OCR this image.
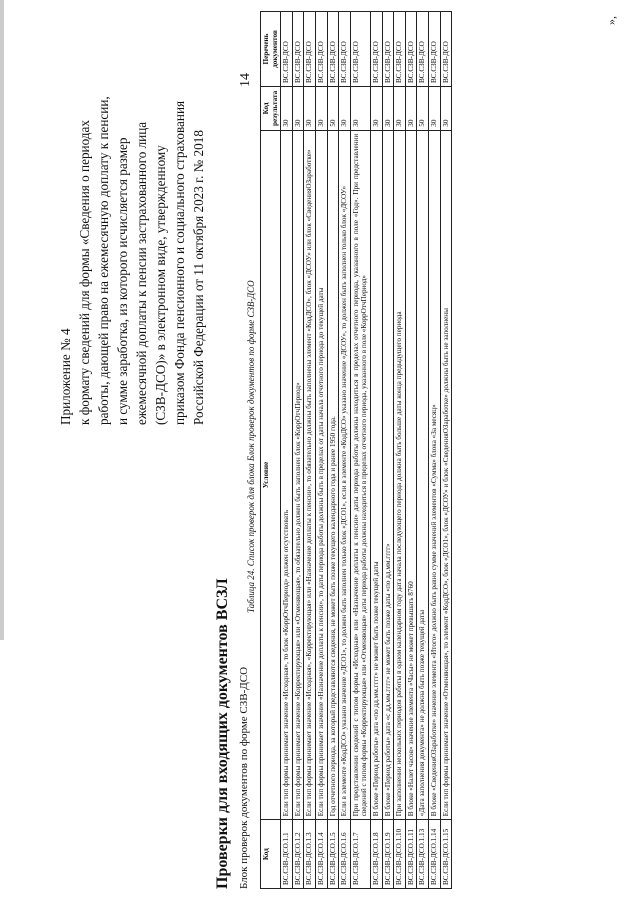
14
Приложение № 4 к формату сведений для формы «Сведения о периодах работы, дающей право на ежемесячную доплату к пенсии, и сумме заработка, из которого исчисляется размер ежемесячной доплаты к пенсии застрахованного лица (СЗВ-ДСО)» в электронном виде, утвержденному приказом Фонда пенсионного и социального страхования Российской Федерации от 11 октября 2023 г. № 2018
Проверки для входящих документов ВСЗЛ Блок проверок документов по форме СЗВ-ДСО
Таблица 24. Список проверок для блока Блок проверок документов по форме СЗВ-ДСО
Код	Условие	Код результата	Перечень документов
ВС.СЗВ-ДСО.1.1	Если тип формы принимает значение «Исходная», то блок «КоррОтчПериод» должен отсутствовать	30	ВС.СЗВ-ДСО
ВС.СЗВ-ДСО.1.2	Если тип формы принимает значение «Корректирующая» или «Отменяющая», то обязательно должен быть заполнен блок «КоррОтчПериод»	30	ВС.СЗВ-ДСО
ВС.СЗВ-ДСО.1.3	Если тип формы принимает значение «Исходная», «Корректирующая» или «Назначение доплаты к пенсии», то обязательно должны быть заполнены элемент «КодДСО», блок «ДСОУ» или блок «СведенияОЗаработке»	30	ВС.СЗВ-ДСО
ВС.СЗВ-ДСО.1.4	Если тип формы принимает значение «Назначение доплаты к пенсии», то даты периода работы должны быть в пределах от даты начала отчетного периода до текущей даты	30	ВС.СЗВ-ДСО
ВС.СЗВ-ДСО.1.5	Год отчетного периода, за который представляются сведения, не может быть позже текущего календарного года и ранее 1950 года.	50	ВС.СЗВ-ДСО
ВС.СЗВ-ДСО.1.6	Если в элементе «КодДСО» указано значение «ДСО1», то должен быть заполнен только блок «ДСО1», если в элементе «КодДСО» указано значение «ДСОУ», то должен быть заполнен только блок «ДСОУ»	30	ВС.СЗВ-ДСО
ВС.СЗВ-ДСО.1.7	При представлении сведений с типом формы «Исходная» или «Назначение доплаты к пенсии» даты периода работы должны находиться в пределах отчетного периода, указанного в поле «Год». При представлении сведений с типом формы «Корректирующая» или «Отменяющая» даты периода работы должны находиться в пределах отчетного периода, указанного в поле «КоррОтчПериод»	30	ВС.СЗВ-ДСО
ВС.СЗВ-ДСО.1.8	В блоке «Период работы» дата «по дд.мм.гггг» не может быть позже текущей даты	30	ВС.СЗВ-ДСО
ВС.СЗВ-ДСО.1.9	В блоке «Период работы» дата «с дд.мм.гггг» не может быть позже даты «по дд.мм.гггг»	30	ВС.СЗВ-ДСО
ВС.СЗВ-ДСО.1.10	При заполнении нескольких периодов работы в одном календарном году дата начала последующего периода должна быть больше даты конца предыдущего периода	30	ВС.СЗВ-ДСО
ВС.СЗВ-ДСО.1.11	В блоке «Налет часов» значение элемента «Часы» не может превышать 8760	30	ВС.СЗВ-ДСО
ВС.СЗВ-ДСО.1.13	«Дата заполнения документа» не должна быть позже текущей даты	50	ВС.СЗВ-ДСО
ВС.СЗВ-ДСО.1.14	В блоке «СведенияОЗаработке» значение элемента «Итого» должно быть равно сумме значений элементов «Сумма» блока «За месяц»	30	ВС.СЗВ-ДСО
ВС.СЗВ-ДСО.1.15	Если тип формы принимает значение «Отменяющая», то элемент «КодДСО», блок «ДСО1», блок «ДСОУ» и блок «СведенияОЗаработке» должны быть не заполнены	30	ВС.СЗВ-ДСО
»,
